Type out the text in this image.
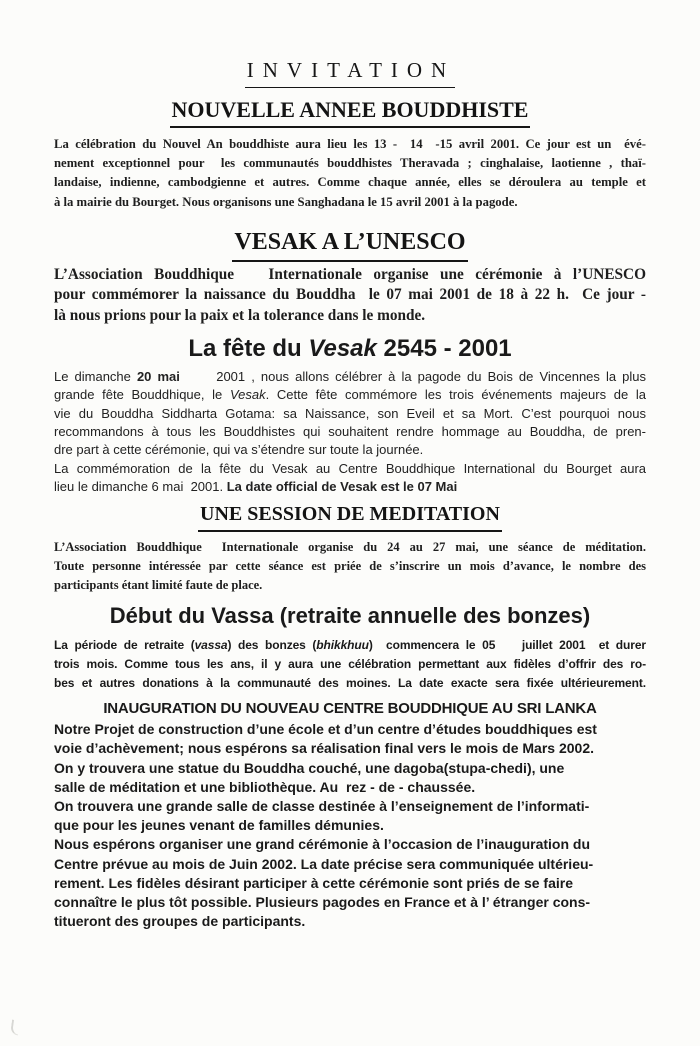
INVITATION
NOUVELLE ANNEE BOUDDHISTE
La célébration du Nouvel An bouddhiste aura lieu les 13 -  14  -15 avril 2001. Ce jour est un  évé-
nement exceptionnel pour  les communautés bouddhistes Theravada ; cinghalaise, laotienne , thaï-
landaise, indienne, cambodgienne et autres. Comme chaque année, elles se déroulera au temple et
à la mairie du Bourget. Nous organisons une Sanghadana le 15 avril 2001 à la pagode.
VESAK A L’UNESCO
L’Association Bouddhique   Internationale organise une cérémonie à l’UNESCO
pour commémorer la naissance du Bouddha  le 07 mai 2001 de 18 à 22 h.  Ce jour -
là nous prions pour la paix et la tolerance dans le monde.
La fête du Vesak 2545 - 2001
Le dimanche 20 mai      2001 , nous allons célébrer à la pagode du Bois de Vincennes la plus
grande fête Bouddhique, le Vesak. Cette fête commémore les trois événements majeurs de la
vie du Bouddha Siddharta Gotama: sa Naissance, son Eveil et sa Mort. C’est pourquoi nous
recommandons à tous les Bouddhistes qui souhaitent rendre hommage au Bouddha, de pren-
dre part à cette cérémonie, qui va s’étendre sur toute la journée.
La commémoration de la fête du Vesak au Centre Bouddhique International du Bourget aura
lieu le dimanche 6 mai  2001. La date official de Vesak est le 07 Mai
UNE SESSION DE MEDITATION
L’Association Bouddhique  Internationale organise du 24 au 27 mai, une séance de méditation.
Toute personne intéressée par cette séance est priée de s’inscrire un mois d’avance, le nombre des
participants étant limité faute de place.
Début du Vassa (retraite annuelle des bonzes)
La période de retraite (vassa) des bonzes (bhikkhuu)  commencera le 05    juillet 2001  et durer
trois mois. Comme tous les ans, il y aura une célébration permettant aux fidèles d’offrir des ro-
bes et autres donations à la communauté des moines. La date exacte sera fixée ultérieurement.
INAUGURATION DU NOUVEAU CENTRE BOUDDHIQUE AU SRI LANKA
Notre Projet de construction d’une école et d’un centre d’études bouddhiques est
voie d’achèvement; nous espérons sa réalisation final vers le mois de Mars 2002.
On y trouvera une statue du Bouddha couché, une dagoba(stupa-chedi), une
salle de méditation et une bibliothèque. Au  rez - de - chaussée.
On trouvera une grande salle de classe destinée à l’enseignement de l’informati-
que pour les jeunes venant de familles démunies.
Nous espérons organiser une grand cérémonie à l’occasion de l’inauguration du
Centre prévue au mois de Juin 2002. La date précise sera communiquée ultérieu-
rement. Les fidèles désirant participer à cette cérémonie sont priés de se faire
connaître le plus tôt possible. Plusieurs pagodes en France et à l’ étranger cons-
titueront des groupes de participants.
